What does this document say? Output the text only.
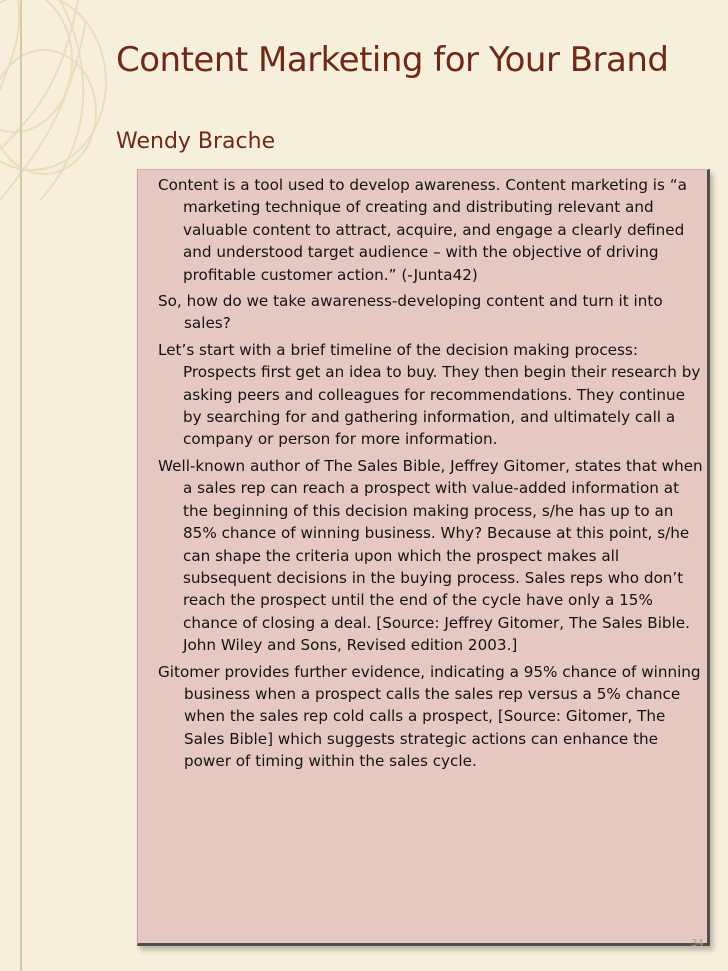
Content Marketing for Your Brand
Wendy Brache
Content is a tool used to develop awareness. Content marketing is “a marketing technique of creating and distributing relevant and valuable content to attract, acquire, and engage a clearly defined and understood target audience – with the objective of driving profitable customer action.” (-Junta42)
So, how do we take awareness-developing content and turn it into sales?
Let’s start with a brief timeline of the decision making process: Prospects first get an idea to buy. They then begin their research by asking peers and colleagues for recommendations. They continue by searching for and gathering information, and ultimately call a company or person for more information.
Well-known author of The Sales Bible, Jeffrey Gitomer, states that when a sales rep can reach a prospect with value-added information at the beginning of this decision making process, s/he has up to an 85% chance of winning business. Why? Because at this point, s/he can shape the criteria upon which the prospect makes all subsequent decisions in the buying process. Sales reps who don’t reach the prospect until the end of the cycle have only a 15% chance of closing a deal. [Source: Jeffrey Gitomer, The Sales Bible. John Wiley and Sons, Revised edition 2003.]
Gitomer provides further evidence, indicating a 95% chance of winning business when a prospect calls the sales rep versus a 5% chance when the sales rep cold calls a prospect, [Source: Gitomer, The Sales Bible] which suggests strategic actions can enhance the power of timing within the sales cycle.
34
